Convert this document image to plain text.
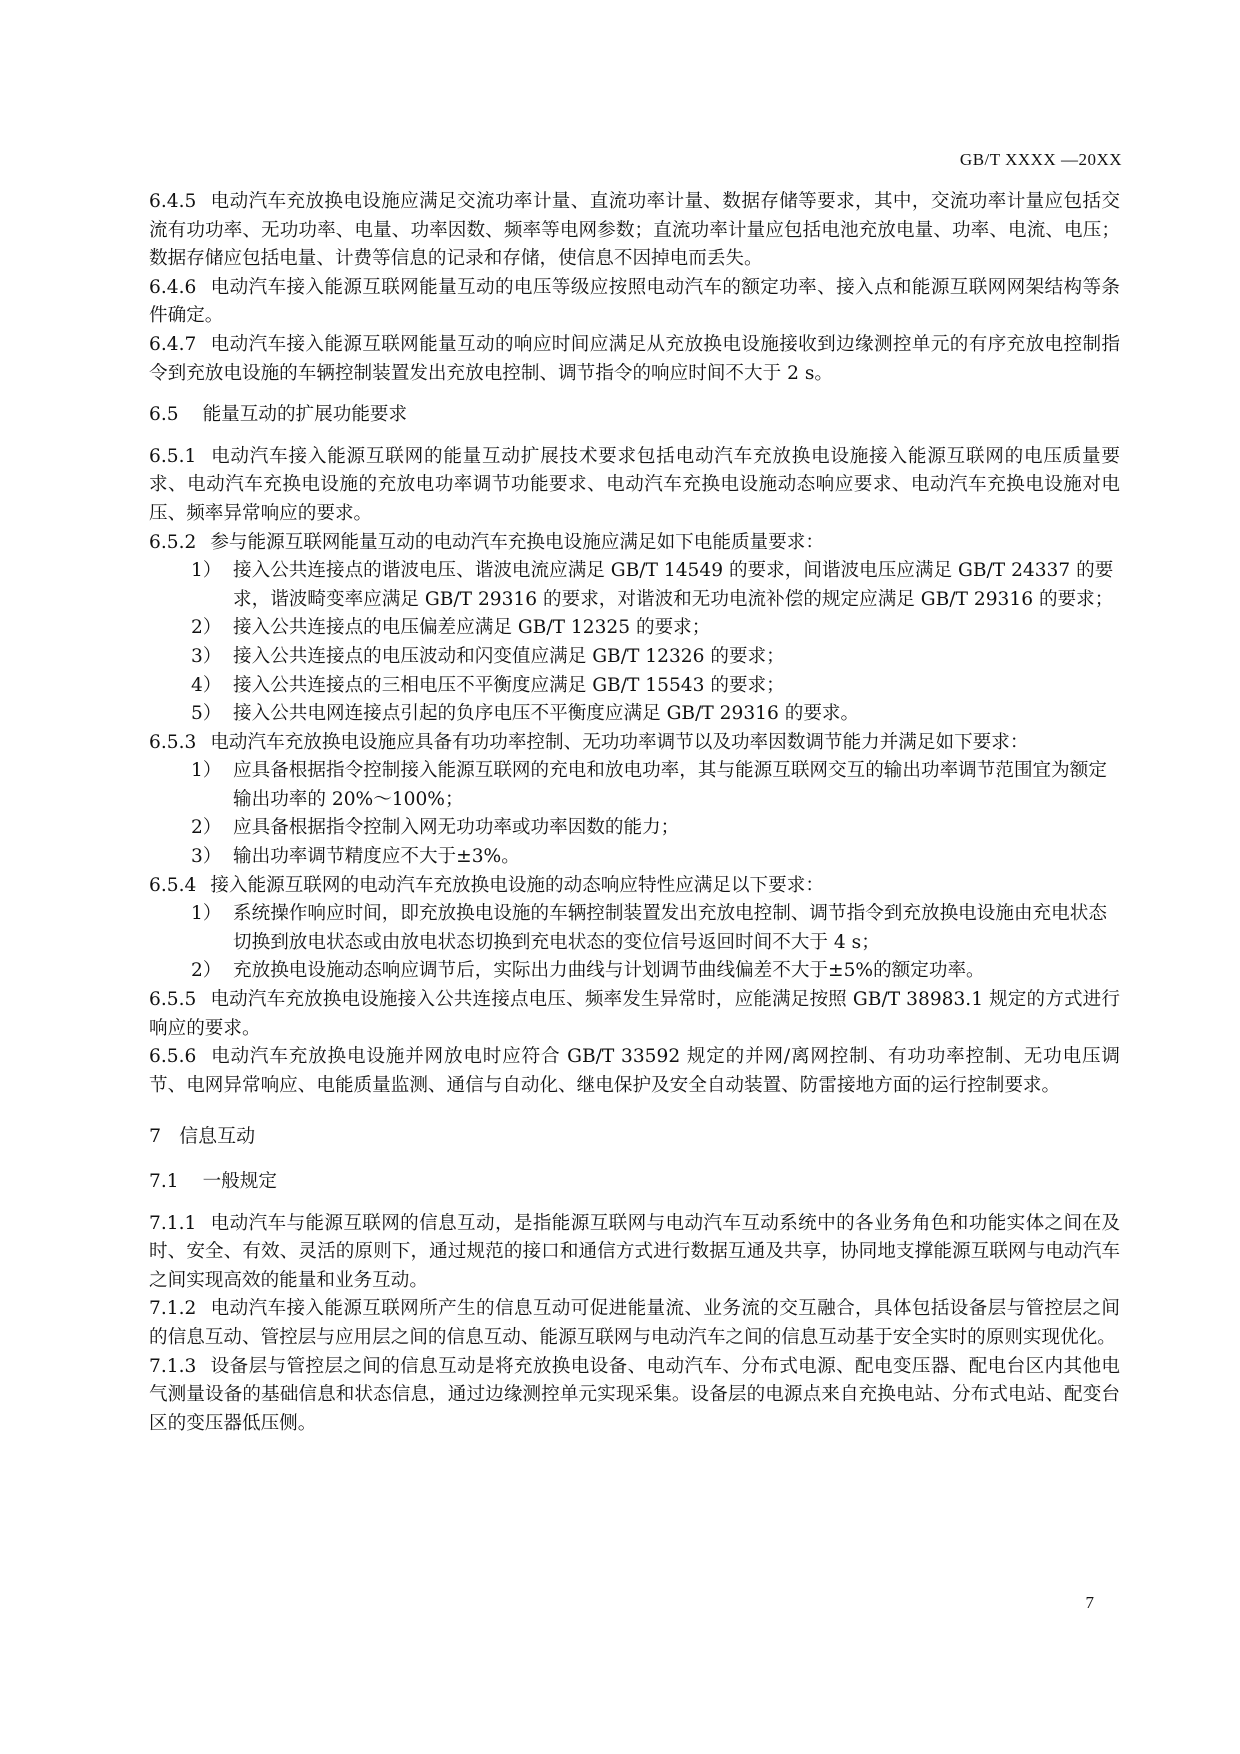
GB/T XXXX —20XX

6.4.5 电动汽车充放换电设施应满足交流功率计量、直流功率计量、数据存储等要求，其中，交流功率计量应包括交流有功功率、无功功率、电量、功率因数、频率等电网参数；直流功率计量应包括电池充放电量、功率、电流、电压；数据存储应包括电量、计费等信息的记录和存储，使信息不因掉电而丢失。

6.4.6 电动汽车接入能源互联网能量互动的电压等级应按照电动汽车的额定功率、接入点和能源互联网网架结构等条件确定。

6.4.7 电动汽车接入能源互联网能量互动的响应时间应满足从充放换电设施接收到边缘测控单元的有序充放电控制指令到充放电设施的车辆控制装置发出充放电控制、调节指令的响应时间不大于 2 s。

6.5 能量互动的扩展功能要求

6.5.1 电动汽车接入能源互联网的能量互动扩展技术要求包括电动汽车充放换电设施接入能源互联网的电压质量要求、电动汽车充换电设施的充放电功率调节功能要求、电动汽车充换电设施动态响应要求、电动汽车充换电设施对电压、频率异常响应的要求。

6.5.2 参与能源互联网能量互动的电动汽车充换电设施应满足如下电能质量要求：

1） 接入公共连接点的谐波电压、谐波电流应满足 GB/T 14549 的要求，间谐波电压应满足 GB/T 24337 的要求，谐波畸变率应满足 GB/T 29316 的要求，对谐波和无功电流补偿的规定应满足 GB/T 29316 的要求；
2） 接入公共连接点的电压偏差应满足 GB/T 12325 的要求；
3） 接入公共连接点的电压波动和闪变值应满足 GB/T 12326 的要求；
4） 接入公共连接点的三相电压不平衡度应满足 GB/T 15543 的要求；
5） 接入公共电网连接点引起的负序电压不平衡度应满足 GB/T 29316 的要求。

6.5.3 电动汽车充放换电设施应具备有功功率控制、无功功率调节以及功率因数调节能力并满足如下要求：

1） 应具备根据指令控制接入能源互联网的充电和放电功率，其与能源互联网交互的输出功率调节范围宜为额定输出功率的 20%～100%；
2） 应具备根据指令控制入网无功功率或功率因数的能力；
3） 输出功率调节精度应不大于±3%。

6.5.4 接入能源互联网的电动汽车充放换电设施的动态响应特性应满足以下要求：

1） 系统操作响应时间，即充放换电设施的车辆控制装置发出充放电控制、调节指令到充放换电设施由充电状态切换到放电状态或由放电状态切换到充电状态的变位信号返回时间不大于 4 s；
2） 充放换电设施动态响应调节后，实际出力曲线与计划调节曲线偏差不大于±5%的额定功率。

6.5.5 电动汽车充放换电设施接入公共连接点电压、频率发生异常时，应能满足按照 GB/T 38983.1 规定的方式进行响应的要求。

6.5.6 电动汽车充放换电设施并网放电时应符合 GB/T 33592 规定的并网/离网控制、有功功率控制、无功电压调节、电网异常响应、电能质量监测、通信与自动化、继电保护及安全自动装置、防雷接地方面的运行控制要求。

7 信息互动
7.1 一般规定

7.1.1 电动汽车与能源互联网的信息互动，是指能源互联网与电动汽车互动系统中的各业务角色和功能实体之间在及时、安全、有效、灵活的原则下，通过规范的接口和通信方式进行数据互通及共享，协同地支撑能源互联网与电动汽车之间实现高效的能量和业务互动。

7.1.2 电动汽车接入能源互联网所产生的信息互动可促进能量流、业务流的交互融合，具体包括设备层与管控层之间的信息互动、管控层与应用层之间的信息互动、能源互联网与电动汽车之间的信息互动基于安全实时的原则实现优化。

7.1.3 设备层与管控层之间的信息互动是将充放换电设备、电动汽车、分布式电源、配电变压器、配电台区内其他电气测量设备的基础信息和状态信息，通过边缘测控单元实现采集。设备层的电源点来自充换电站、分布式电站、配变台区的变压器低压侧。

7
